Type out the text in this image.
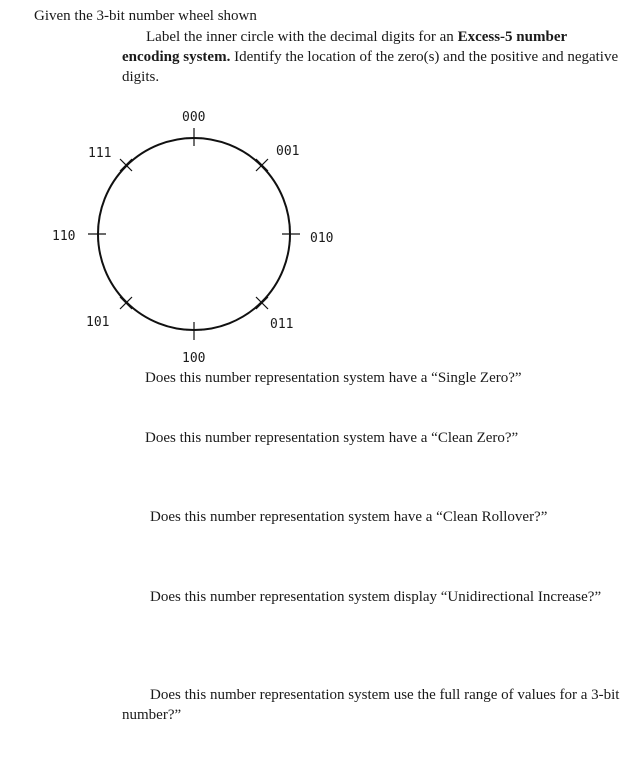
Given the 3-bit number wheel shown
Label the inner circle with the decimal digits for an Excess-5 number encoding system. Identify the location of the zero(s) and the positive and negative digits.
000
001
010
011
100
101
110
111
Does this number representation system have a “Single Zero?”
Does this number representation system have a “Clean Zero?”
Does this number representation system have a “Clean Rollover?”
Does this number representation system display “Unidirectional Increase?”
Does this number representation system use the full range of values for a 3-bit number?”
